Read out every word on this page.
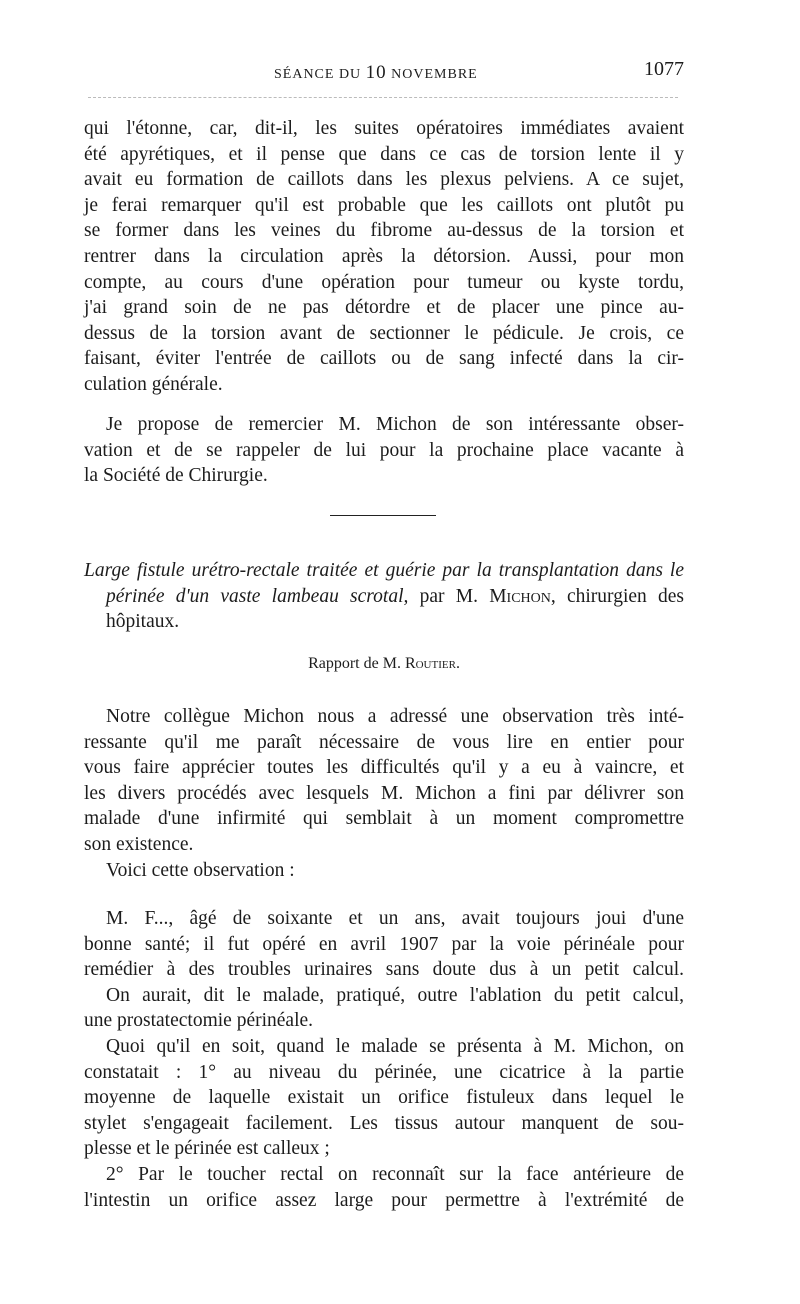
SÉANCE DU 10 NOVEMBRE	1077

qui l'étonne, car, dit-il, les suites opératoires immédiates avaient
été apyrétiques, et il pense que dans ce cas de torsion lente il y
avait eu formation de caillots dans les plexus pelviens. A ce sujet,
je ferai remarquer qu'il est probable que les caillots ont plutôt pu
se former dans les veines du fibrome au-dessus de la torsion et
rentrer dans la circulation après la détorsion. Aussi, pour mon
compte, au cours d'une opération pour tumeur ou kyste tordu,
j'ai grand soin de ne pas détordre et de placer une pince au-
dessus de la torsion avant de sectionner le pédicule. Je crois, ce
faisant, éviter l'entrée de caillots ou de sang infecté dans la cir-
culation générale.

Je propose de remercier M. Michon de son intéressante obser-
vation et de se rappeler de lui pour la prochaine place vacante à
la Société de Chirurgie.

Large fistule urétro-rectale traitée et guérie par la transplantation dans le périnée d'un vaste lambeau scrotal, par M. Michon, chirurgien des hôpitaux.

Rapport de M. Routier.

Notre collègue Michon nous a adressé une observation très inté-
ressante qu'il me paraît nécessaire de vous lire en entier pour
vous faire apprécier toutes les difficultés qu'il y a eu à vaincre, et
les divers procédés avec lesquels M. Michon a fini par délivrer son
malade d'une infirmité qui semblait à un moment compromettre
son existence.
Voici cette observation :

M. F..., âgé de soixante et un ans, avait toujours joui d'une
bonne santé; il fut opéré en avril 1907 par la voie périnéale pour
remédier à des troubles urinaires sans doute dus à un petit calcul.
On aurait, dit le malade, pratiqué, outre l'ablation du petit calcul,
une prostatectomie périnéale.
Quoi qu'il en soit, quand le malade se présenta à M. Michon, on
constatait : 1° au niveau du périnée, une cicatrice à la partie
moyenne de laquelle existait un orifice fistuleux dans lequel le
stylet s'engageait facilement. Les tissus autour manquent de sou-
plesse et le périnée est calleux ;
2° Par le toucher rectal on reconnaît sur la face antérieure de
l'intestin un orifice assez large pour permettre à l'extrémité de
